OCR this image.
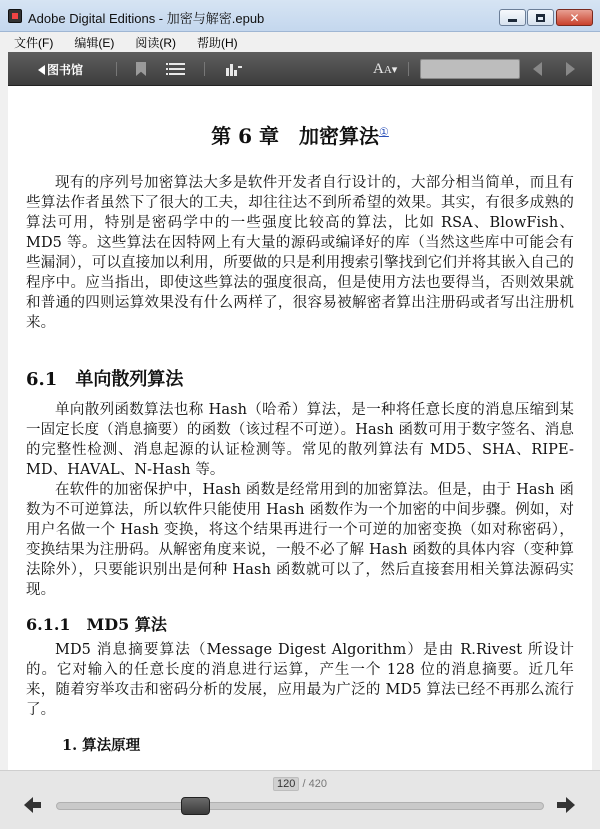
Adobe Digital Editions - 加密与解密.epub	✕
文件(F)	编辑(E)	阅读(R)	帮助(H)
图书馆	AA▾
第 6 章　加密算法①
现有的序列号加密算法大多是软件开发者自行设计的，大部分相当简单，而且有些算法作者虽然下了很大的工夫，却往往达不到所希望的效果。其实，有很多成熟的算法可用，特别是密码学中的一些强度比较高的算法，比如 RSA、BlowFish、MD5 等。这些算法在因特网上有大量的源码或编译好的库（当然这些库中可能会有些漏洞），可以直接加以利用，所要做的只是利用搜索引擎找到它们并将其嵌入自己的程序中。应当指出，即使这些算法的强度很高，但是使用方法也要得当，否则效果就和普通的四则运算效果没有什么两样了，很容易被解密者算出注册码或者写出注册机来。
6.1　单向散列算法
单向散列函数算法也称 Hash（哈希）算法，是一种将任意长度的消息压缩到某一固定长度（消息摘要）的函数（该过程不可逆）。Hash 函数可用于数字签名、消息的完整性检测、消息起源的认证检测等。常见的散列算法有 MD5、SHA、RIPE-MD、HAVAL、N-Hash 等。
在软件的加密保护中，Hash 函数是经常用到的加密算法。但是，由于 Hash 函数为不可逆算法，所以软件只能使用 Hash 函数作为一个加密的中间步骤。例如，对用户名做一个 Hash 变换，将这个结果再进行一个可逆的加密变换（如对称密码），变换结果为注册码。从解密角度来说，一般不必了解 Hash 函数的具体内容（变种算法除外），只要能识别出是何种 Hash 函数就可以了，然后直接套用相关算法源码实现。
6.1.1　MD5 算法
MD5 消息摘要算法（Message Digest Algorithm）是由 R.Rivest 所设计的。它对输入的任意长度的消息进行运算，产生一个 128 位的消息摘要。近几年来，随着穷举攻击和密码分析的发展，应用最为广泛的 MD5 算法已经不再那么流行了。
1. 算法原理
120 / 420
